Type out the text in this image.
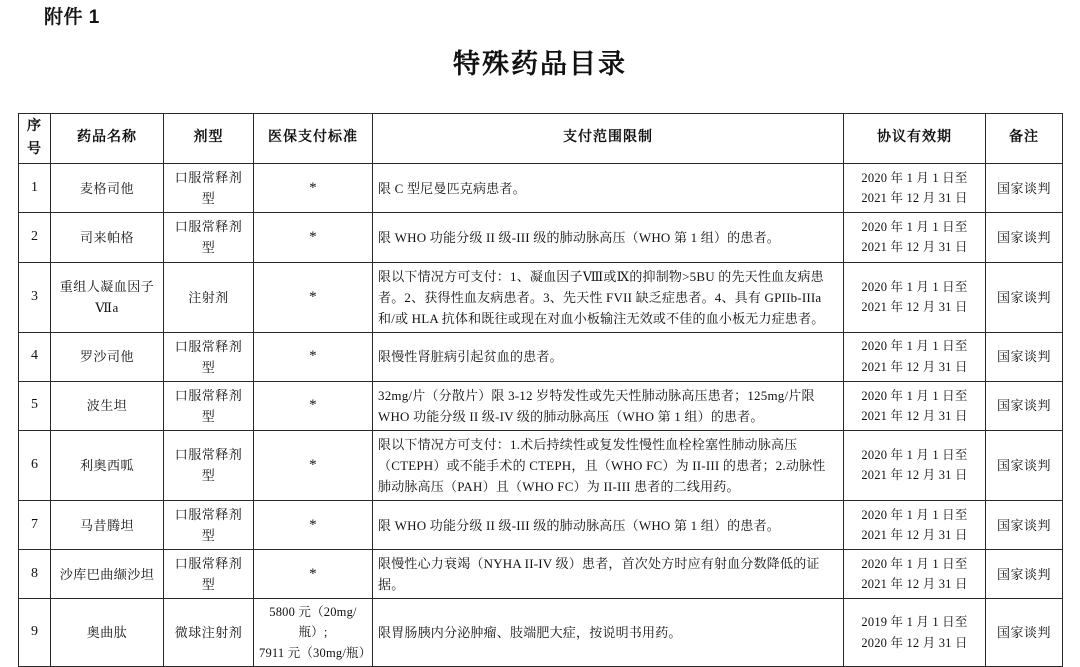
附件 1
特殊药品目录
序号	药品名称	剂型	医保支付标准	支付范围限制	协议有效期	备注
1	麦格司他	口服常释剂型	*	限 C 型尼曼匹克病患者。	2020 年 1 月 1 日至
2021 年 12 月 31 日	国家谈判
2	司来帕格	口服常释剂型	*	限 WHO 功能分级 II 级-III 级的肺动脉高压（WHO 第 1 组）的患者。	2020 年 1 月 1 日至
2021 年 12 月 31 日	国家谈判
3	重组人凝血因子
Ⅶa	注射剂	*	限以下情况方可支付：1、凝血因子Ⅷ或Ⅸ的抑制物>5BU 的先天性血友病患者。2、获得性血友病患者。3、先天性 FVII 缺乏症患者。4、具有 GPIIb-IIIa 和/或 HLA 抗体和既往或现在对血小板输注无效或不佳的血小板无力症患者。	2020 年 1 月 1 日至
2021 年 12 月 31 日	国家谈判
4	罗沙司他	口服常释剂型	*	限慢性肾脏病引起贫血的患者。	2020 年 1 月 1 日至
2021 年 12 月 31 日	国家谈判
5	波生坦	口服常释剂型	*	32mg/片（分散片）限 3-12 岁特发性或先天性肺动脉高压患者；125mg/片限 WHO 功能分级 II 级-IV 级的肺动脉高压（WHO 第 1 组）的患者。	2020 年 1 月 1 日至
2021 年 12 月 31 日	国家谈判
6	利奥西呱	口服常释剂型	*	限以下情况方可支付：1.术后持续性或复发性慢性血栓栓塞性肺动脉高压（CTEPH）或不能手术的 CTEPH，且（WHO FC）为 II-III 的患者；2.动脉性肺动脉高压（PAH）且（WHO FC）为 II-III 患者的二线用药。	2020 年 1 月 1 日至
2021 年 12 月 31 日	国家谈判
7	马昔腾坦	口服常释剂型	*	限 WHO 功能分级 II 级-III 级的肺动脉高压（WHO 第 1 组）的患者。	2020 年 1 月 1 日至
2021 年 12 月 31 日	国家谈判
8	沙库巴曲缬沙坦	口服常释剂型	*	限慢性心力衰竭（NYHA II-IV 级）患者，首次处方时应有射血分数降低的证据。	2020 年 1 月 1 日至
2021 年 12 月 31 日	国家谈判
9	奥曲肽	微球注射剂	5800 元（20mg/瓶）;
7911 元（30mg/瓶）	限胃肠胰内分泌肿瘤、肢端肥大症，按说明书用药。	2019 年 1 月 1 日至
2020 年 12 月 31 日	国家谈判
